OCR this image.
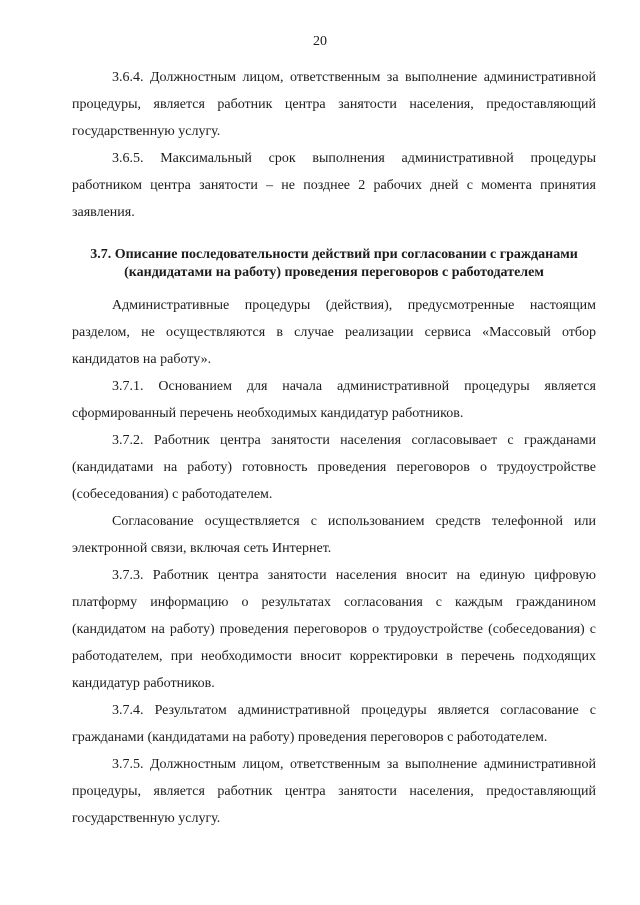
20

3.6.4. Должностным лицом, ответственным за выполнение административной процедуры, является работник центра занятости населения, предоставляющий государственную услугу.

3.6.5. Максимальный срок выполнения административной процедуры работником центра занятости – не позднее 2 рабочих дней с момента принятия заявления.

3.7. Описание последовательности действий при согласовании с гражданами (кандидатами на работу) проведения переговоров с работодателем

Административные процедуры (действия), предусмотренные настоящим разделом, не осуществляются в случае реализации сервиса «Массовый отбор кандидатов на работу».

3.7.1. Основанием для начала административной процедуры является сформированный перечень необходимых кандидатур работников.

3.7.2. Работник центра занятости населения согласовывает с гражданами (кандидатами на работу) готовность проведения переговоров о трудоустройстве (собеседования) с работодателем.

Согласование осуществляется с использованием средств телефонной или электронной связи, включая сеть Интернет.

3.7.3. Работник центра занятости населения вносит на единую цифровую платформу информацию о результатах согласования с каждым гражданином (кандидатом на работу) проведения переговоров о трудоустройстве (собеседования) с работодателем, при необходимости вносит корректировки в перечень подходящих кандидатур работников.

3.7.4. Результатом административной процедуры является согласование с гражданами (кандидатами на работу) проведения переговоров с работодателем.

3.7.5. Должностным лицом, ответственным за выполнение административной процедуры, является работник центра занятости населения, предоставляющий государственную услугу.
